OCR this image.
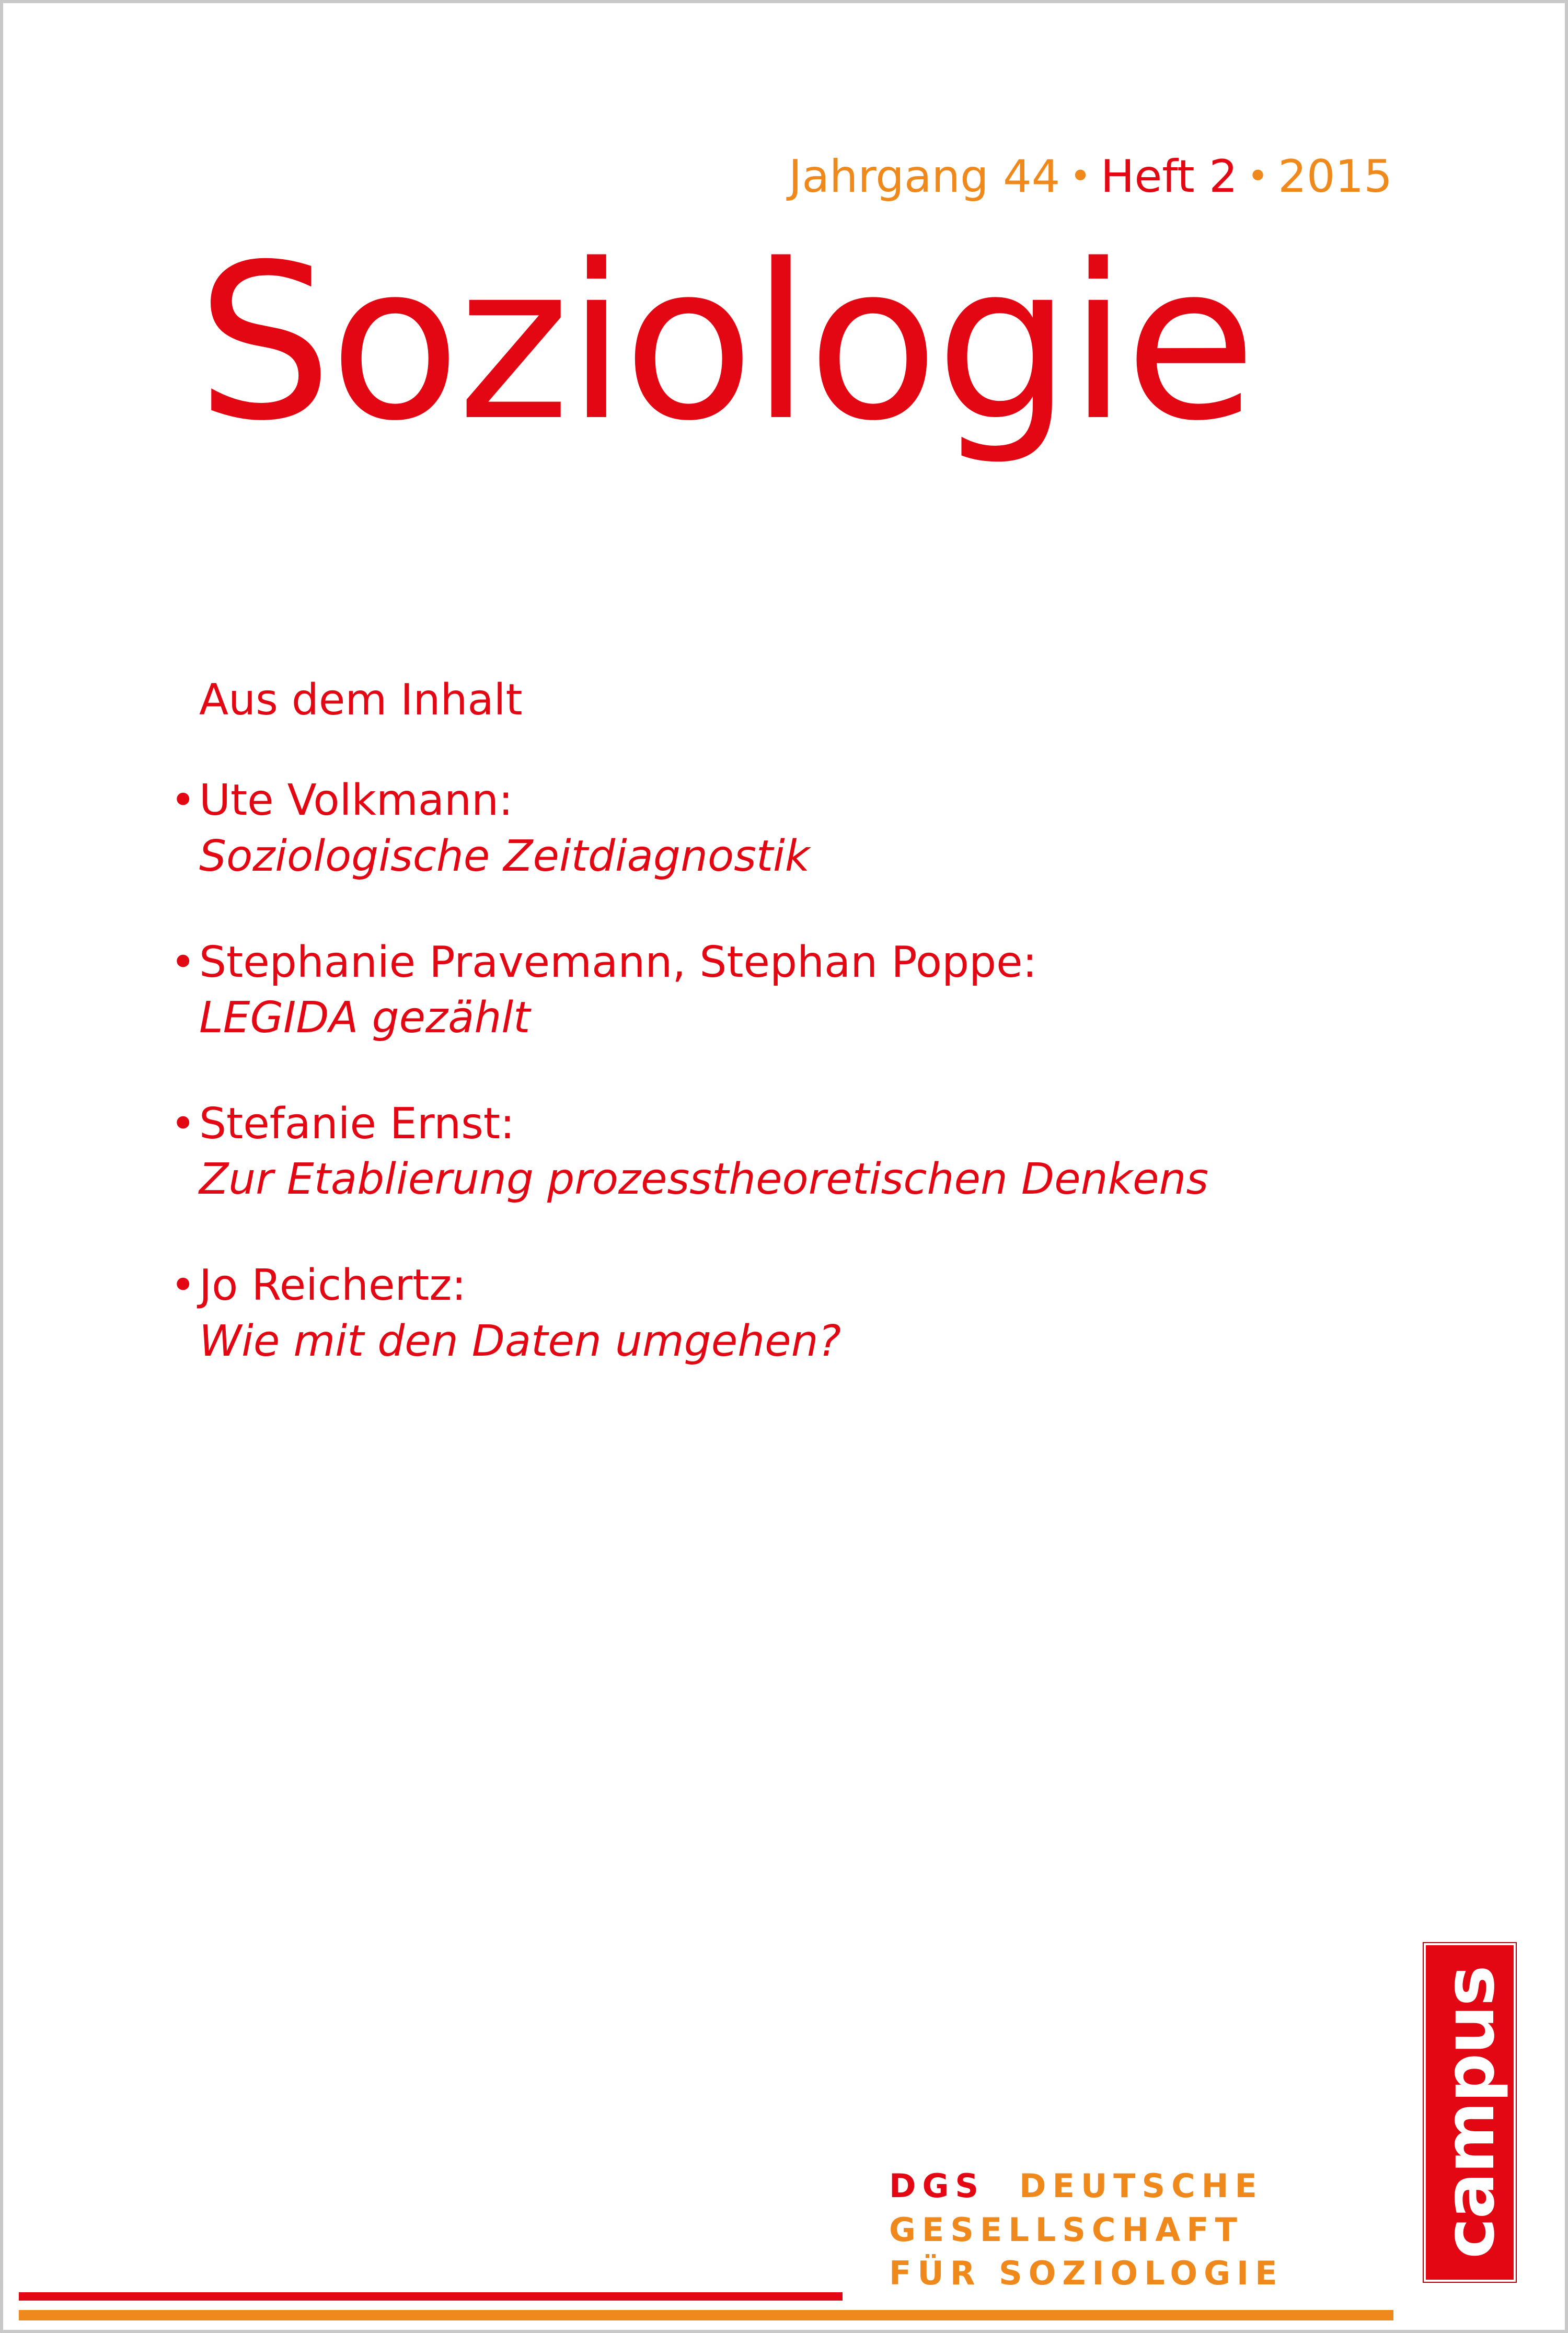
Jahrgang 44 • Heft 2 • 2015
Soziologie
Aus dem Inhalt
• Ute Volkmann:
Soziologische Zeitdiagnostik
• Stephanie Pravemann, Stephan Poppe:
LEGIDA gezählt
• Stefanie Ernst:
Zur Etablierung prozesstheoretischen Denkens
• Jo Reichertz:
Wie mit den Daten umgehen?
campus
DGS DEUTSCHE
GESELLSCHAFT
FÜR SOZIOLOGIE
